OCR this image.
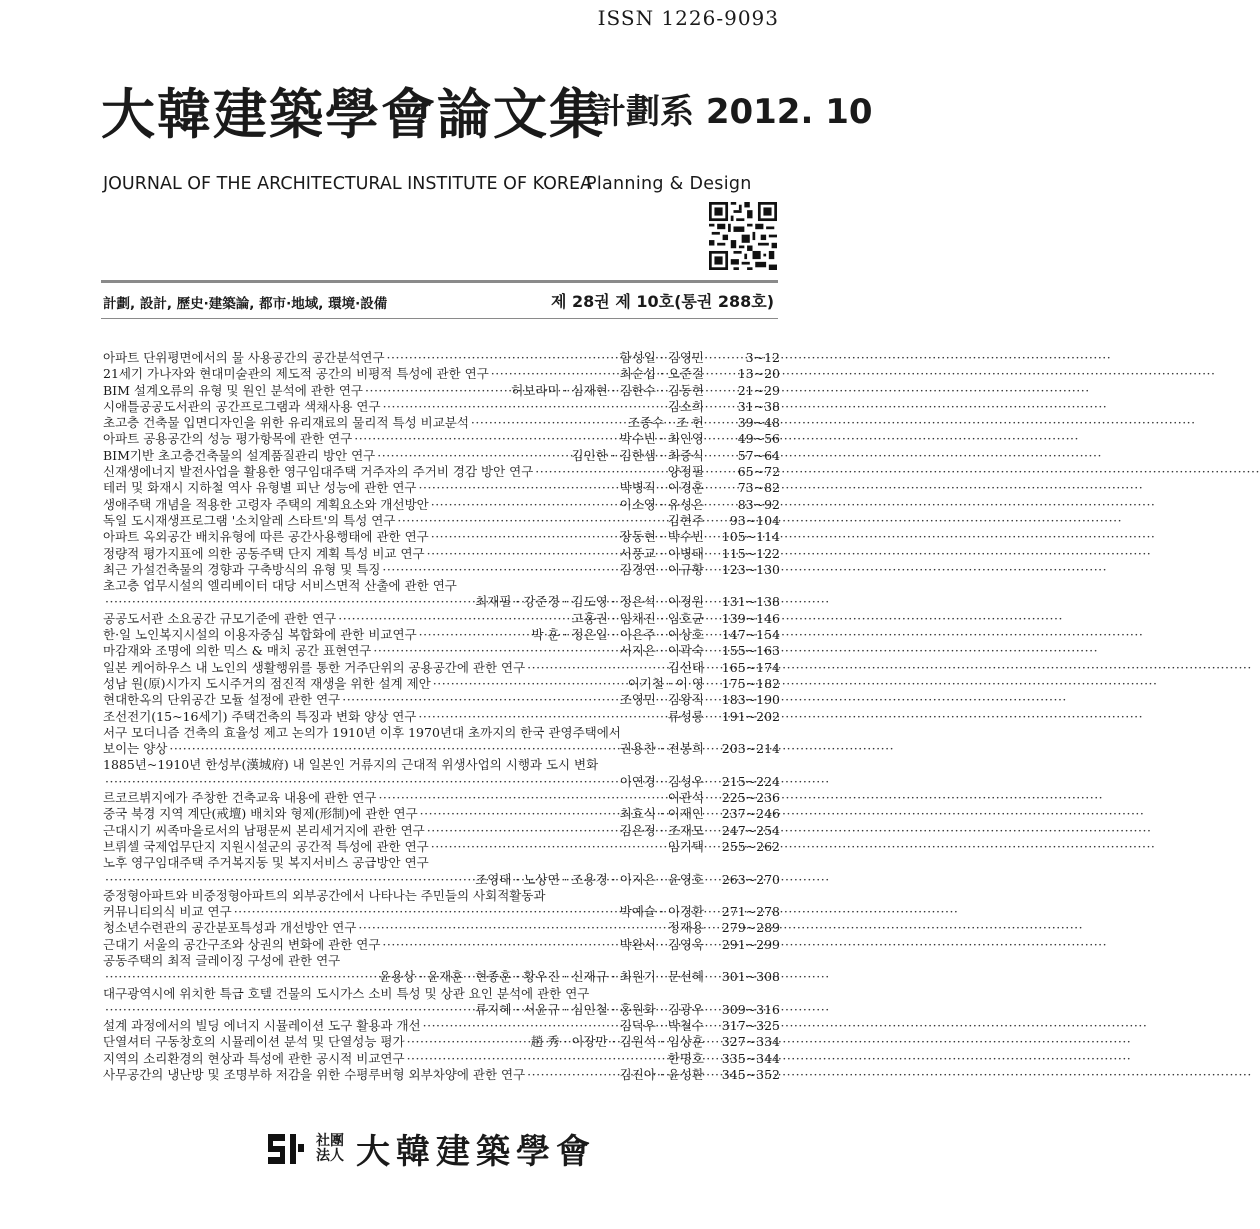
ISSN 1226-9093
大韓建築學會論文集
計劃系 2012. 10
JOURNAL OF THE ARCHITECTURAL INSTITUTE OF KOREA
Planning & Design
計劃, 設計, 歷史·建築論, 都市·地域, 環境·設備	제 28권 제 10호(통권 288호)
아파트 단위평면에서의 물 사용공간의 공간분석연구 ·····	함성일 · 김영민	3~12
21세기 가나자와 현대미술관의 제도적 공간의 비평적 특성에 관한 연구 ·····	최순섭 · 오준걸	13~20
BIM 설계오류의 유형 및 원인 분석에 관한 연구 ·····	허보라미 · 심재현 · 김한수 · 김동현	21~29
시애틀공공도서관의 공간프로그램과 색채사용 연구 ·····	김소희	31~38
초고층 건축물 입면디자인을 위한 유리재료의 물리적 특성 비교분석 ·····	조종수 · 조 헌	39~48
아파트 공용공간의 성능 평가항목에 관한 연구 ·····	박수빈 · 최인영	49~56
BIM기반 초고층건축물의 설계품질관리 방안 연구 ·····	김인한 · 김한샘 · 최중식	57~64
신재생에너지 발전사업을 활용한 영구임대주택 거주자의 주거비 경감 방안 연구 ·····	양정필	65~72
테러 및 화재시 지하철 역사 유형별 피난 성능에 관한 연구 ·····	박병직 · 이경훈	73~82
생애주택 개념을 적용한 고령자 주택의 계획요소와 개선방안 ·····	이소영 · 유성은	83~92
독일 도시재생프로그램 '소치알레 스타트'의 특성 연구 ·····	김현주	93~104
아파트 옥외공간 배치유형에 따른 공간사용행태에 관한 연구 ·····	장동현 · 박수빈	105~114
정량적 평가지표에 의한 공동주택 단지 계획 특성 비교 연구 ·····	서풍교 · 이병태	115~122
최근 가설건축물의 경향과 구축방식의 유형 및 특징 ·····	김경연 · 이규황	123~130
초고층 업무시설의 엘리베이터 대당 서비스면적 산출에 관한 연구
·····
최재필 · 강준경 · 김도영 · 정은석 · 이정원	131~138
공공도서관 소요공간 규모기준에 관한 연구 ·····	고홍권 · 임채진 · 임호균	139~146
한·일 노인복지시설의 이용자중심 복합화에 관한 비교연구 ·····	박 훈 · 정은일 · 이은주 · 이상호	147~154
마감재와 조명에 의한 믹스 & 매치 공간 표현연구 ·····	서지은 · 이곽숙	155~163
일본 케어하우스 내 노인의 생활행위를 통한 거주단위의 공용공간에 관한 연구 ·····	김선태	165~174
성남 원(原)시가지 도시주거의 점진적 재생을 위한 설계 제안 ·····	이기철 · 이 영	175~182
현대한옥의 단위공간 모듈 설정에 관한 연구 ·····	조영민 · 김왕직	183~190
조선전기(15~16세기) 주택건축의 특징과 변화 양상 연구 ·····	류성룡	191~202
서구 모더니즘 건축의 효율성 제고 논의가 1910년 이후 1970년대 초까지의 한국 관영주택에서
보이는 양상 ·····	권용찬 · 전봉희	203~214
1885년~1910년 한성부(漢城府) 내 일본인 거류지의 근대적 위생사업의 시행과 도시 변화
·····
이연경 · 김성우	215~224
르코르뷔지에가 주창한 건축교육 내용에 관한 연구 ·····	이관석	225~236
중국 북경 지역 계단(戒壇) 배치와 형제(形制)에 관한 연구 ·····	최효식 · 이재인	237~246
근대시기 씨족마을로서의 남평문씨 본리세거지에 관한 연구 ·····	김은정 · 조재모	247~254
브뤼셀 국제업무단지 지원시설군의 공간적 특성에 관한 연구 ·····	임기택	255~262
노후 영구임대주택 주거복지동 및 복지서비스 공급방안 연구
·····
조영태 · 노상연 · 조용경 · 이지은 · 윤영호	263~270
중정형아파트와 비중정형아파트의 외부공간에서 나타나는 주민들의 사회적활동과
커뮤니티의식 비교 연구 ·····	박예슬 · 이경환	271~278
청소년수련관의 공간분포특성과 개선방안 연구 ·····	정재용	279~289
근대기 서울의 공간구조와 상권의 변화에 관한 연구 ·····	박완서 · 김영욱	291~299
공동주택의 최적 글레이징 구성에 관한 연구
·····
윤용상 · 윤재훈 · 현종훈 · 황우진 · 신재규 · 최원기 · 문선혜	301~308
대구광역시에 위치한 특급 호텔 건물의 도시가스 소비 특성 및 상관 요인 분석에 관한 연구
·····
류지혜 · 서윤규 · 심인철 · 홍원화 · 김광우	309~316
설계 과정에서의 빌딩 에너지 시뮬레이션 도구 활용과 개선 ·····	김덕우 · 박철수	317~325
단열셔터 구동창호의 시뮬레이션 분석 및 단열성능 평가 ·····	趙 秀 · 이장만 · 김원석 · 임상훈	327~334
지역의 소리환경의 현상과 특성에 관한 공시적 비교연구 ·····	한명호	335~344
사무공간의 냉난방 및 조명부하 저감을 위한 수평루버형 외부차양에 관한 연구 ·····	김진아 · 윤성환	345~352
社團
法人 大韓建築學會
